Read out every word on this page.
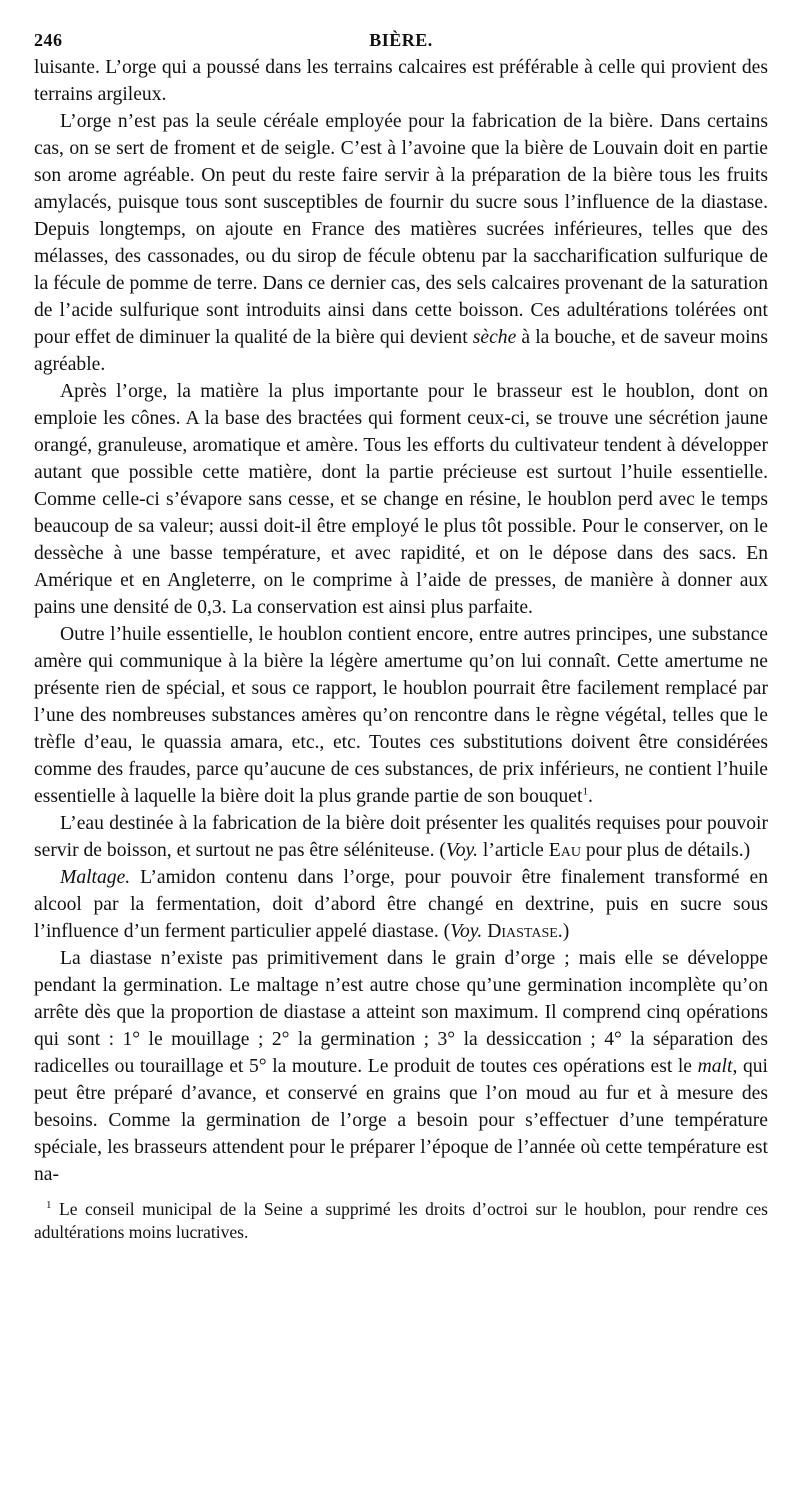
246	BIÈRE.

luisante. L’orge qui a poussé dans les terrains calcaires est préférable à celle qui provient des terrains argileux.

L’orge n’est pas la seule céréale employée pour la fabrication de la bière. Dans certains cas, on se sert de froment et de seigle. C’est à l’avoine que la bière de Louvain doit en partie son arome agréable. On peut du reste faire servir à la préparation de la bière tous les fruits amylacés, puisque tous sont susceptibles de fournir du sucre sous l’influence de la diastase. Depuis longtemps, on ajoute en France des matières sucrées inférieures, telles que des mélasses, des cassonades, ou du sirop de fécule obtenu par la saccharification sulfurique de la fécule de pomme de terre. Dans ce dernier cas, des sels calcaires provenant de la saturation de l’acide sulfurique sont introduits ainsi dans cette boisson. Ces adultérations tolérées ont pour effet de diminuer la qualité de la bière qui devient sèche à la bouche, et de saveur moins agréable.

Après l’orge, la matière la plus importante pour le brasseur est le houblon, dont on emploie les cônes. A la base des bractées qui forment ceux-ci, se trouve une sécrétion jaune orangé, granuleuse, aromatique et amère. Tous les efforts du cultivateur tendent à développer autant que possible cette matière, dont la partie précieuse est surtout l’huile essentielle. Comme celle-ci s’évapore sans cesse, et se change en résine, le houblon perd avec le temps beaucoup de sa valeur; aussi doit-il être employé le plus tôt possible. Pour le conserver, on le dessèche à une basse température, et avec rapidité, et on le dépose dans des sacs. En Amérique et en Angleterre, on le comprime à l’aide de presses, de manière à donner aux pains une densité de 0,3. La conservation est ainsi plus parfaite.

Outre l’huile essentielle, le houblon contient encore, entre autres principes, une substance amère qui communique à la bière la légère amertume qu’on lui connaît. Cette amertume ne présente rien de spécial, et sous ce rapport, le houblon pourrait être facilement remplacé par l’une des nombreuses substances amères qu’on rencontre dans le règne végétal, telles que le trèfle d’eau, le quassia amara, etc., etc. Toutes ces substitutions doivent être considérées comme des fraudes, parce qu’aucune de ces substances, de prix inférieurs, ne contient l’huile essentielle à laquelle la bière doit la plus grande partie de son bouquet$^1$.

L’eau destinée à la fabrication de la bière doit présenter les qualités requises pour pouvoir servir de boisson, et surtout ne pas être séléniteuse. (Voy. l’article Eau pour plus de détails.)

Maltage. L’amidon contenu dans l’orge, pour pouvoir être finalement transformé en alcool par la fermentation, doit d’abord être changé en dextrine, puis en sucre sous l’influence d’un ferment particulier appelé diastase. (Voy. Diastase.)

La diastase n’existe pas primitivement dans le grain d’orge ; mais elle se développe pendant la germination. Le maltage n’est autre chose qu’une germination incomplète qu’on arrête dès que la proportion de diastase a atteint son maximum. Il comprend cinq opérations qui sont : 1° le mouillage ; 2° la germination ; 3° la dessiccation ; 4° la séparation des radicelles ou touraillage et 5° la mouture. Le produit de toutes ces opérations est le malt, qui peut être préparé d’avance, et conservé en grains que l’on moud au fur et à mesure des besoins. Comme la germination de l’orge a besoin pour s’effectuer d’une température spéciale, les brasseurs attendent pour le préparer l’époque de l’année où cette température est na-

$^1$ Le conseil municipal de la Seine a supprimé les droits d’octroi sur le houblon, pour rendre ces adultérations moins lucratives.
